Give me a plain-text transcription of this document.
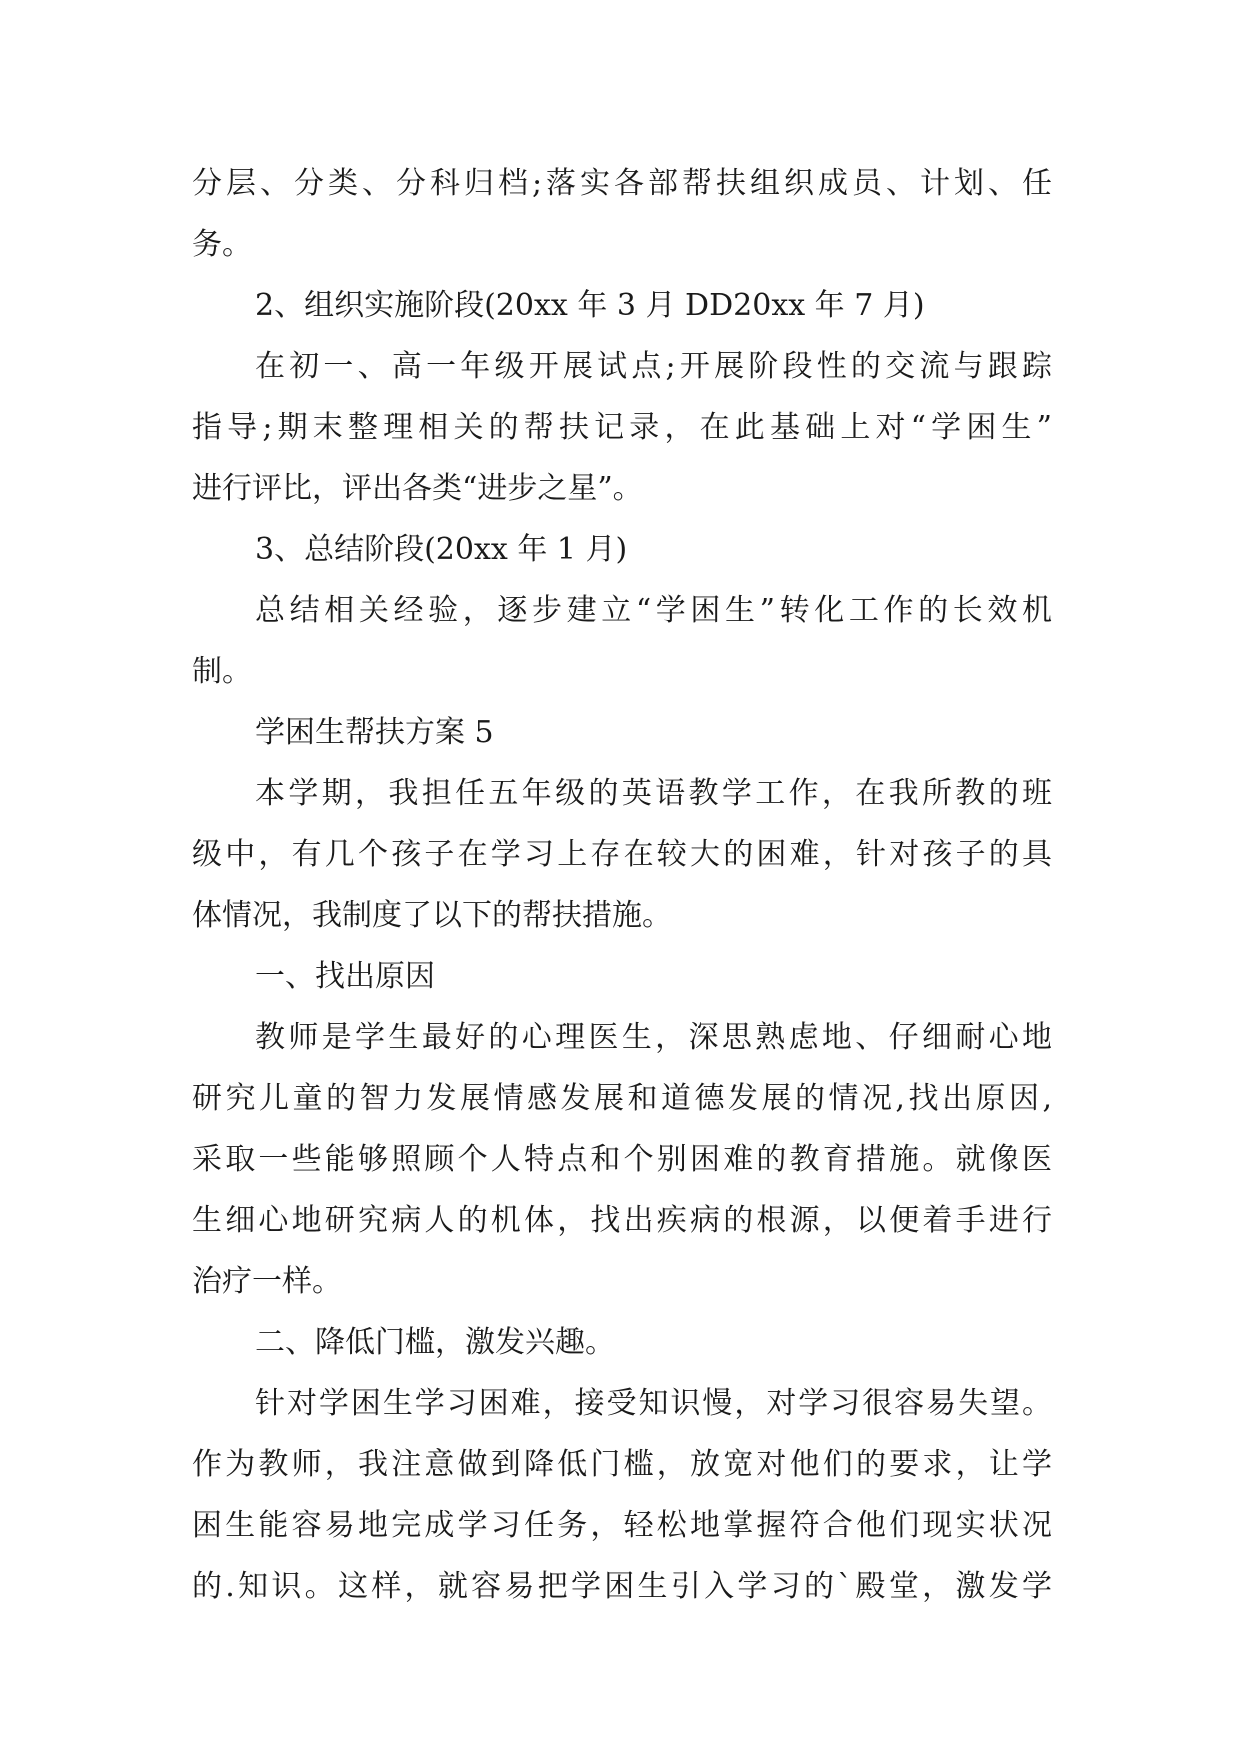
分层、分类、分科归档;落实各部帮扶组织成员、计划、任
务。
2、组织实施阶段(20xx 年 3 月 DD20xx 年 7 月)
在初一、高一年级开展试点;开展阶段性的交流与跟踪
指导;期末整理相关的帮扶记录，在此基础上对“学困生”
进行评比，评出各类“进步之星”。
3、总结阶段(20xx 年 1 月)
总结相关经验，逐步建立“学困生”转化工作的长效机
制。
学困生帮扶方案 5
本学期，我担任五年级的英语教学工作，在我所教的班
级中，有几个孩子在学习上存在较大的困难，针对孩子的具
体情况，我制度了以下的帮扶措施。
一、找出原因
教师是学生最好的心理医生，深思熟虑地、仔细耐心地
研究儿童的智力发展情感发展和道德发展的情况,找出原因,
采取一些能够照顾个人特点和个别困难的教育措施。就像医
生细心地研究病人的机体，找出疾病的根源，以便着手进行
治疗一样。
二、降低门槛，激发兴趣。
针对学困生学习困难，接受知识慢，对学习很容易失望。
作为教师，我注意做到降低门槛，放宽对他们的要求，让学
困生能容易地完成学习任务，轻松地掌握符合他们现实状况
的.知识。这样，就容易把学困生引入学习的`殿堂，激发学
